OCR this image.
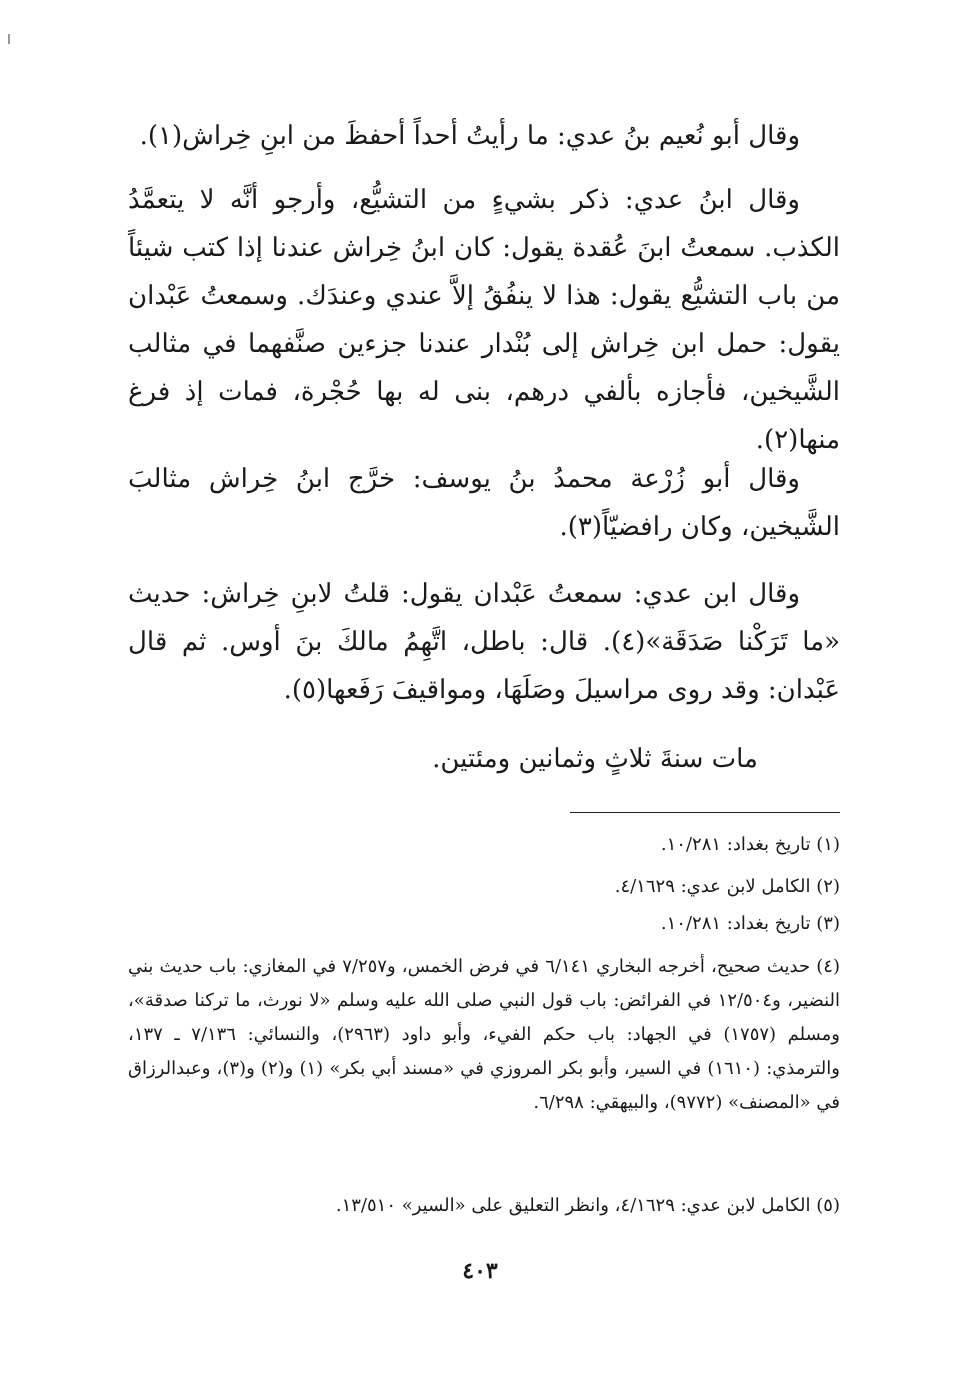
وقال أبو نُعيم بنُ عدي: ما رأيتُ أحداً أحفظَ من ابنِ خِراش(١).

وقال ابنُ عدي: ذكر بشيءٍ من التشيُّع، وأرجو أنَّه لا يتعمَّدُ الكذب. سمعتُ ابنَ عُقدة يقول: كان ابنُ خِراش عندنا إذا كتب شيئاً من باب التشيُّع يقول: هذا لا ينفُقُ إلاَّ عندي وعندَك. وسمعتُ عَبْدان يقول: حمل ابن خِراش إلى بُنْدار عندنا جزءين صنَّفهما في مثالب الشَّيخين، فأجازه بألفي درهم، بنى له بها حُجْرة، فمات إذ فرغ منها(٢).

وقال أبو زُرْعة محمدُ بنُ يوسف: خرَّج ابنُ خِراش مثالبَ الشَّيخين، وكان رافضيّاً(٣).

وقال ابن عدي: سمعتُ عَبْدان يقول: قلتُ لابنِ خِراش: حديث «ما تَرَكْنا صَدَقَة»(٤). قال: باطل، اتَّهِمُ مالكَ بنَ أوس. ثم قال عَبْدان: وقد روى مراسيلَ وصَلَهَا، ومواقيفَ رَفَعها(٥).

مات سنةَ ثلاثٍ وثمانين ومئتين.

(١) تاريخ بغداد: ١٠/٢٨١.
(٢) الكامل لابن عدي: ٤/١٦٢٩.
(٣) تاريخ بغداد: ١٠/٢٨١.
(٤) حديث صحيح، أخرجه البخاري ٦/١٤١ في فرض الخمس، و٧/٢٥٧ في المغازي: باب حديث بني النضير، و١٢/٥٠٤ في الفرائض: باب قول النبي صلى الله عليه وسلم «لا نورث، ما تركنا صدقة»، ومسلم (١٧٥٧) في الجهاد: باب حكم الفيء، وأبو داود (٢٩٦٣)، والنسائي: ٧/١٣٦ ـ ١٣٧، والترمذي: (١٦١٠) في السير، وأبو بكر المروزي في «مسند أبي بكر» (١) و(٢) و(٣)، وعبدالرزاق في «المصنف» (٩٧٧٢)، والبيهقي: ٦/٢٩٨.
(٥) الكامل لابن عدي: ٤/١٦٢٩، وانظر التعليق على «السير» ١٣/٥١٠.
٤٠٣
